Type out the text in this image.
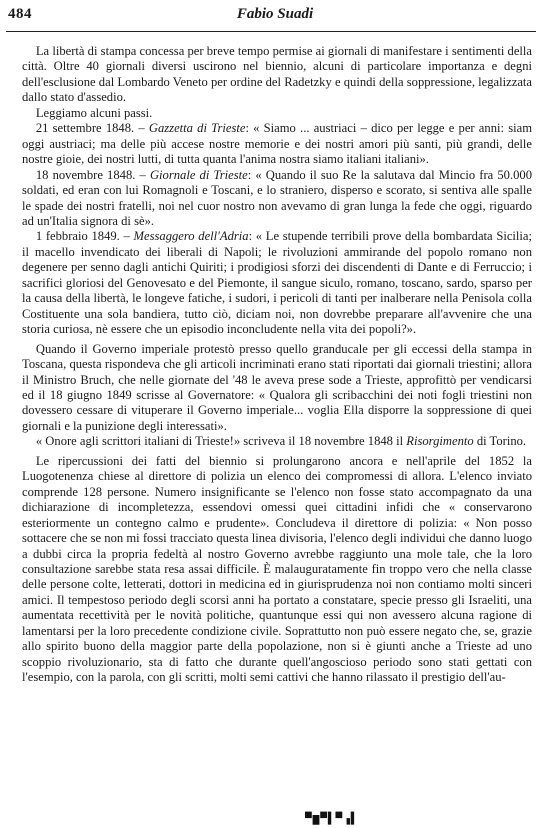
484	Fabio Suadi

La libertà di stampa concessa per breve tempo permise ai giornali di manifestare i sentimenti della città. Oltre 40 giornali diversi uscirono nel biennio, alcuni di particolare importanza e degni dell'esclusione dal Lombardo Veneto per ordine del Radetzky e quindi della soppressione, legalizzata dallo stato d'assedio.

Leggiamo alcuni passi.

21 settembre 1848. – Gazzetta di Trieste: « Siamo ... austriaci – dico per legge e per anni: siam oggi austriaci; ma delle più accese nostre memorie e dei nostri amori più santi, più grandi, delle nostre gioie, dei nostri lutti, di tutta quanta l'anima nostra siamo italiani italiani».

18 novembre 1848. – Giornale di Trieste: « Quando il suo Re la salutava dal Mincio fra 50.000 soldati, ed eran con lui Romagnoli e Toscani, e lo straniero, disperso e scorato, si sentiva alle spalle le spade dei nostri fratelli, noi nel cuor nostro non avevamo di gran lunga la fede che oggi, riguardo ad un'Italia signora di sè».

1 febbraio 1849. – Messaggero dell'Adria: « Le stupende terribili prove della bombardata Sicilia; il macello invendicato dei liberali di Napoli; le rivoluzioni ammirande del popolo romano non degenere per senno dagli antichi Quiriti; i prodigiosi sforzi dei discendenti di Dante e di Ferruccio; i sacrifici gloriosi del Genovesato e del Piemonte, il sangue siculo, romano, toscano, sardo, sparso per la causa della libertà, le longeve fatiche, i sudori, i pericoli di tanti per inalberare nella Penisola colla Costituente una sola bandiera, tutto ciò, diciam noi, non dovrebbe preparare all'avvenire che una storia curiosa, nè essere che un episodio inconcludente nella vita dei popoli?».

Quando il Governo imperiale protestò presso quello granducale per gli eccessi della stampa in Toscana, questa rispondeva che gli articoli incriminati erano stati riportati dai giornali triestini; allora il Ministro Bruch, che nelle giornate del '48 le aveva prese sode a Trieste, approfittò per vendicarsi ed il 18 giugno 1849 scrisse al Governatore: « Qualora gli scribacchini dei noti fogli triestini non dovessero cessare di vituperare il Governo imperiale... voglia Ella disporre la soppressione di quei giornali e la punizione degli interessati».

« Onore agli scrittori italiani di Trieste!» scriveva il 18 novembre 1848 il Risorgimento di Torino.

Le ripercussioni dei fatti del biennio si prolungarono ancora e nell'aprile del 1852 la Luogotenenza chiese al direttore di polizia un elenco dei compromessi di allora. L'elenco inviato comprende 128 persone. Numero insignificante se l'elenco non fosse stato accompagnato da una dichiarazione di incompletezza, essendovi omessi quei cittadini infidi che « conservarono esteriormente un contegno calmo e prudente». Concludeva il direttore di polizia: « Non posso sottacere che se non mi fossi tracciato questa linea divisoria, l'elenco degli individui che danno luogo a dubbi circa la propria fedeltà al nostro Governo avrebbe raggiunto una mole tale, che la loro consultazione sarebbe stata resa assai difficile. È malauguratamente fin troppo vero che nella classe delle persone colte, letterati, dottori in medicina ed in giurisprudenza noi non contiamo molti sinceri amici. Il tempestoso periodo degli scorsi anni ha portato a constatare, specie presso gli Israeliti, una aumentata recettività per le novità politiche, quantunque essi qui non avessero alcuna ragione di lamentarsi per la loro precedente condizione civile. Soprattutto non può essere negato che, se, grazie allo spirito buono della maggior parte della popolazione, non si è giunti anche a Trieste ad uno scoppio rivoluzionario, sta di fatto che durante quell'angoscioso periodo sono stati gettati con l'esempio, con la parola, con gli scritti, molti semi cattivi che hanno rilassato il prestigio dell'au-

▀▆▀▌▀▗▌
